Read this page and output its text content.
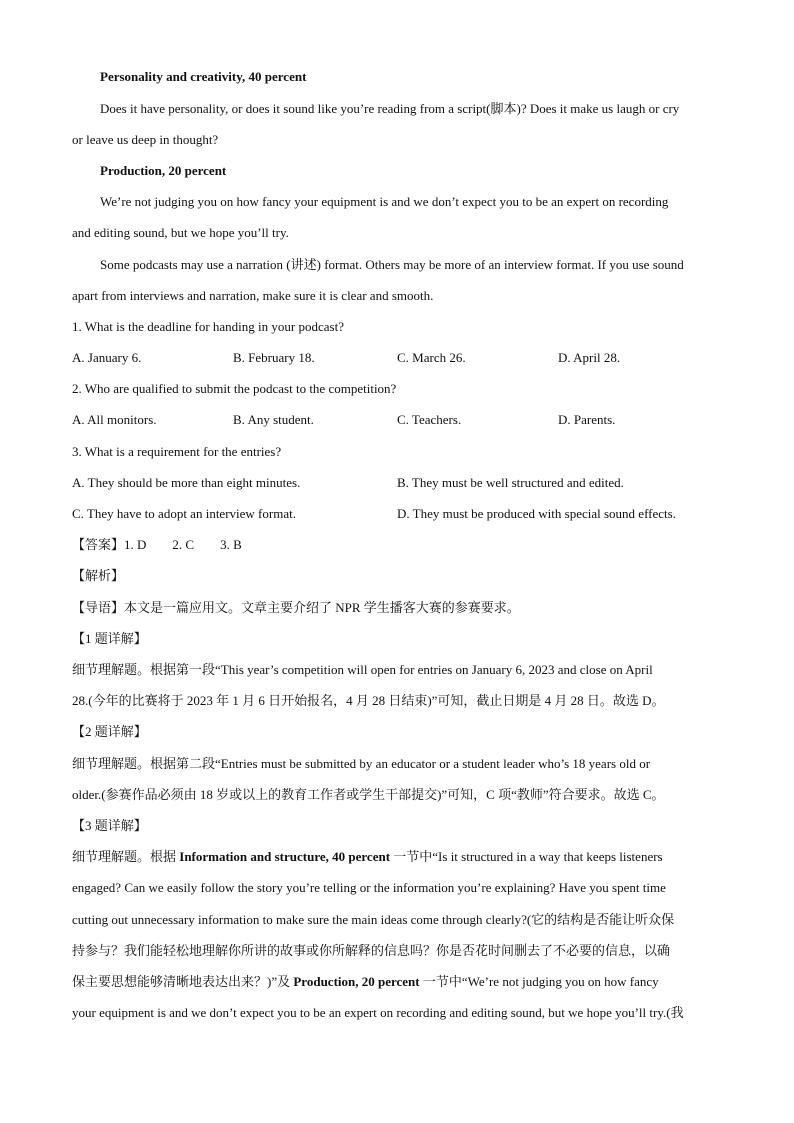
Personality and creativity, 40 percent
Does it have personality, or does it sound like you’re reading from a script(脚本)? Does it make us laugh or cry
or leave us deep in thought?
Production, 20 percent
We’re not judging you on how fancy your equipment is and we don’t expect you to be an expert on recording
and editing sound, but we hope you’ll try.
Some podcasts may use a narration (讲述) format. Others may be more of an interview format. If you use sound
apart from interviews and narration, make sure it is clear and smooth.
1. What is the deadline for handing in your podcast?
A. January 6.	B. February 18.	C. March 26.	D. April 28.
2. Who are qualified to submit the podcast to the competition?
A. All monitors.	B. Any student.	C. Teachers.	D. Parents.
3. What is a requirement for the entries?
A. They should be more than eight minutes.	B. They must be well structured and edited.
C. They have to adopt an interview format.	D. They must be produced with special sound effects.
【答案】1. D 2. C 3. B
【解析】
【导语】本文是一篇应用文。文章主要介绍了 NPR 学生播客大赛的参赛要求。
【1 题详解】
细节理解题。根据第一段“This year’s competition will open for entries on January 6, 2023 and close on April
28.(今年的比赛将于 2023 年 1 月 6 日开始报名，4 月 28 日结束)”可知，截止日期是 4 月 28 日。故选 D。
【2 题详解】
细节理解题。根据第二段“Entries must be submitted by an educator or a student leader who’s 18 years old or
older.(参赛作品必须由 18 岁或以上的教育工作者或学生干部提交)”可知，C 项“教师”符合要求。故选 C。
【3 题详解】
细节理解题。根据 Information and structure, 40 percent 一节中“Is it structured in a way that keeps listeners
engaged? Can we easily follow the story you’re telling or the information you’re explaining? Have you spent time
cutting out unnecessary information to make sure the main ideas come through clearly?(它的结构是否能让听众保
持参与？我们能轻松地理解你所讲的故事或你所解释的信息吗？你是否花时间删去了不必要的信息，以确
保主要思想能够清晰地表达出来？)”及 Production, 20 percent 一节中“We’re not judging you on how fancy
your equipment is and we don’t expect you to be an expert on recording and editing sound, but we hope you’ll try.(我
